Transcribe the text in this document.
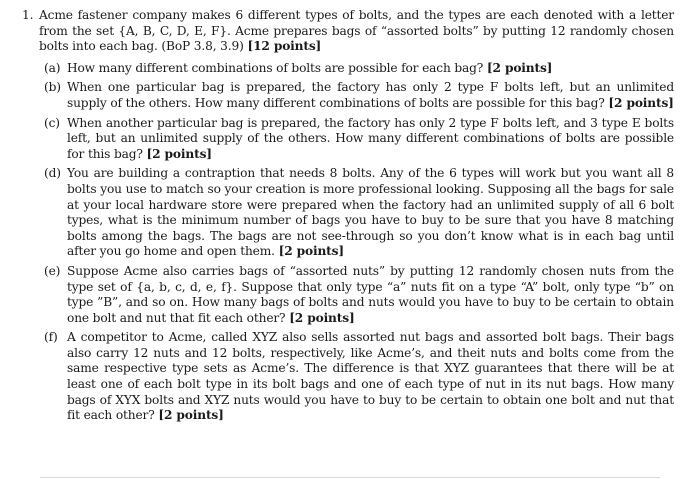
1. Acme fastener company makes 6 different types of bolts, and the types are each denoted with a letter from the set {A, B, C, D, E, F}. Acme prepares bags of “assorted bolts” by putting 12 randomly chosen bolts into each bag. (BoP 3.8, 3.9) [12 points]
(a) How many different combinations of bolts are possible for each bag? [2 points]
(b) When one particular bag is prepared, the factory has only 2 type F bolts left, but an unlimited supply of the others. How many different combinations of bolts are possible for this bag? [2 points]
(c) When another particular bag is prepared, the factory has only 2 type F bolts left, and 3 type E bolts left, but an unlimited supply of the others. How many different combinations of bolts are possible for this bag? [2 points]
(d) You are building a contraption that needs 8 bolts. Any of the 6 types will work but you want all 8 bolts you use to match so your creation is more professional looking. Supposing all the bags for sale at your local hardware store were prepared when the factory had an unlimited supply of all 6 bolt types, what is the minimum number of bags you have to buy to be sure that you have 8 matching bolts among the bags. The bags are not see-through so you don’t know what is in each bag until after you go home and open them. [2 points]
(e) Suppose Acme also carries bags of “assorted nuts” by putting 12 randomly chosen nuts from the type set of {a, b, c, d, e, f}. Suppose that only type “a” nuts fit on a type “A” bolt, only type “b” on type ”B”, and so on. How many bags of bolts and nuts would you have to buy to be certain to obtain one bolt and nut that fit each other? [2 points]
(f) A competitor to Acme, called XYZ also sells assorted nut bags and assorted bolt bags. Their bags also carry 12 nuts and 12 bolts, respectively, like Acme’s, and theit nuts and bolts come from the same respective type sets as Acme’s. The difference is that XYZ guarantees that there will be at least one of each bolt type in its bolt bags and one of each type of nut in its nut bags. How many bags of XYX bolts and XYZ nuts would you have to buy to be certain to obtain one bolt and nut that fit each other? [2 points]
